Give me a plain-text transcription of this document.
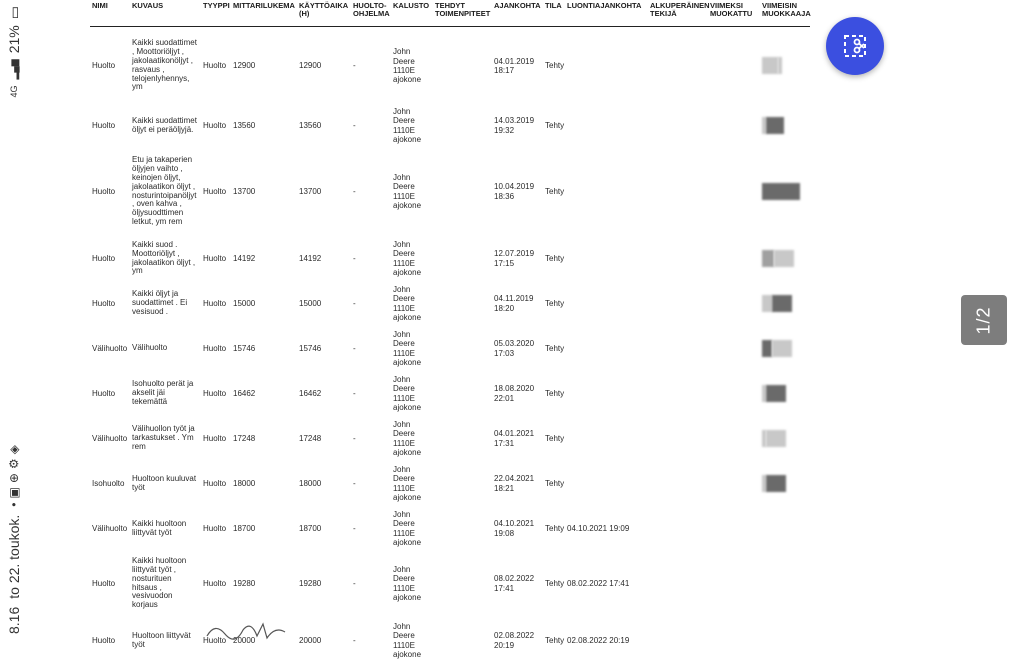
8.16
to 22. toukok.
•
▣
⊕
⚙
◈
4G
▂▄▆
21%
▭
NIMI	KUVAUS	TYYPPI	MITTARILUKEMA	KÄYTTÖAIKA (H)	HUOLTO-OHJELMA	KALUSTO	TEHDYT TOIMENPITEET	AJANKOHTA	TILA	LUONTIAJANKOHTA	ALKUPERÄINEN TEKIJÄ	VIIMEKSI MUOKATTU	VIIMEISIN MUOKKAAJA
Huolto	Kaikki suodattimet , Moottoriöljyt , jakolaatikonöljyt , rasvaus , telojenlyhennys, ym	Huolto	12900	12900	-	John Deere 1110E ajokone		04.01.2019 18:17	Tehty				
Huolto	Kaikki suodattimet öljyt ei peräöljyjä.	Huolto	13560	13560	-	John Deere 1110E ajokone		14.03.2019 19:32	Tehty				
Huolto	Etu ja takaperien öljyjen vaihto , keinojen öljyt, jakolaatikon öljyt , nosturintoipanöljyt , oven kahva , öljysuodttimen letkut, ym rem	Huolto	13700	13700	-	John Deere 1110E ajokone		10.04.2019 18:36	Tehty				
Huolto	Kaikki suod . Moottoriöljyt , jakolaatikon öljyt , ym	Huolto	14192	14192	-	John Deere 1110E ajokone		12.07.2019 17:15	Tehty				
Huolto	Kaikki öljyt ja suodattimet . Ei vesisuod .	Huolto	15000	15000	-	John Deere 1110E ajokone		04.11.2019 18:20	Tehty				
Välihuolto	Välihuolto	Huolto	15746	15746	-	John Deere 1110E ajokone		05.03.2020 17:03	Tehty				
Huolto	Isohuolto perät ja akselit jäi tekemättä	Huolto	16462	16462	-	John Deere 1110E ajokone		18.08.2020 22:01	Tehty				
Välihuolto	Välihuollon työt ja tarkastukset . Ym rem	Huolto	17248	17248	-	John Deere 1110E ajokone		04.01.2021 17:31	Tehty				
Isohuolto	Huoltoon kuuluvat työt	Huolto	18000	18000	-	John Deere 1110E ajokone		22.04.2021 18:21	Tehty				
Välihuolto	Kaikki huoltoon liittyvät työt	Huolto	18700	18700	-	John Deere 1110E ajokone		04.10.2021 19:08	Tehty	04.10.2021 19:09			
Huolto	Kaikki huoltoon liittyvät työt , nosturituen hitsaus , vesivuodon korjaus	Huolto	19280	19280	-	John Deere 1110E ajokone		08.02.2022 17:41	Tehty	08.02.2022 17:41			
Huolto	Huoltoon liittyvät työt	Huolto	20000	20000	-	John Deere 1110E ajokone		02.08.2022 20:19	Tehty	02.08.2022 20:19			
1/2
